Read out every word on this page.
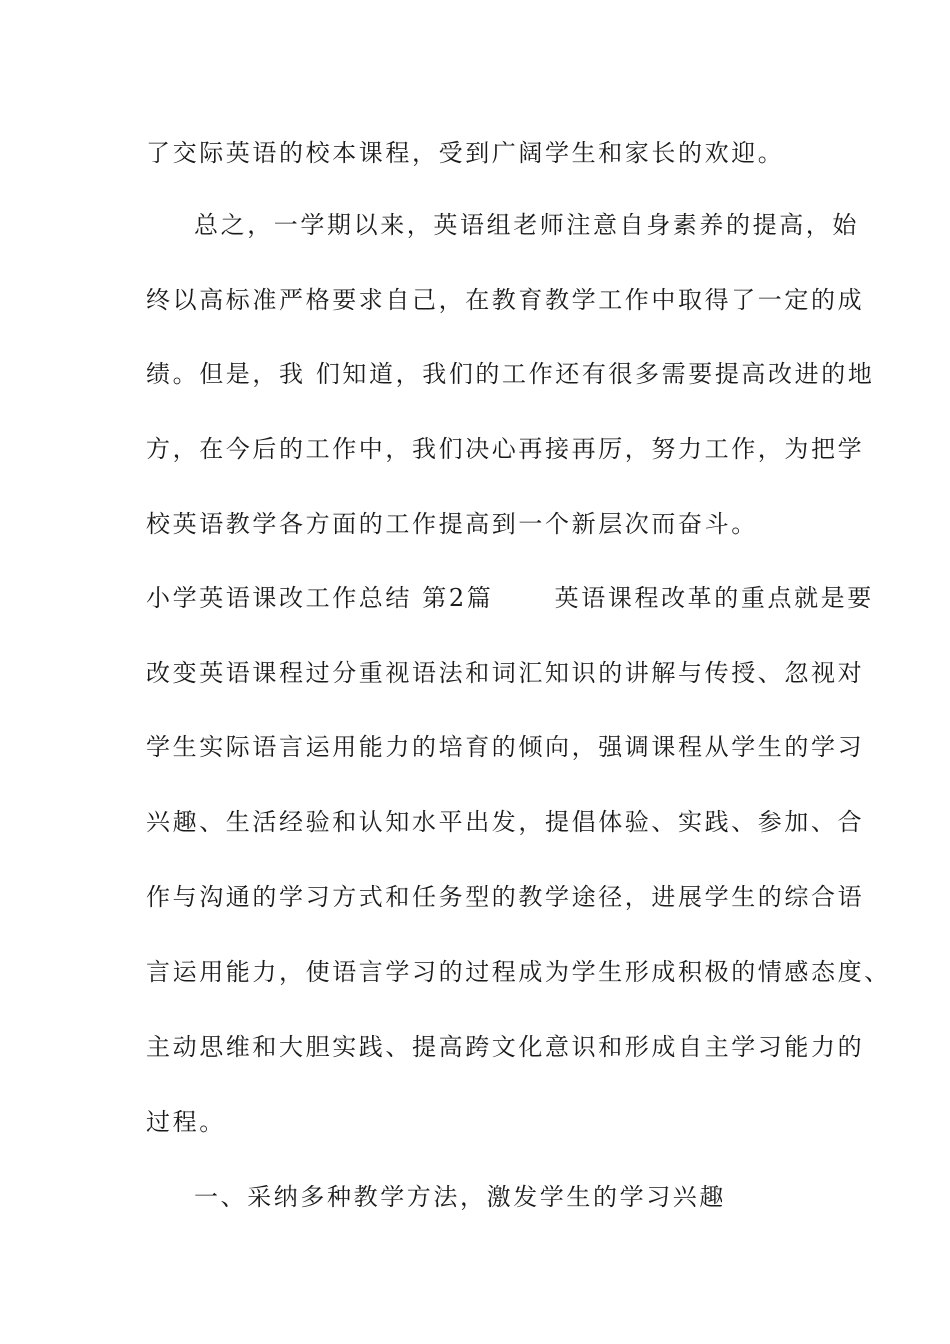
了交际英语的校本课程，受到广阔学生和家长的欢迎。
总之，一学期以来，英语组老师注意自身素养的提高，始
终以高标准严格要求自己，在教育教学工作中取得了一定的成
绩。但是，我 们知道，我们的工作还有很多需要提高改进的地
方，在今后的工作中，我们决心再接再厉，努力工作，为把学
校英语教学各方面的工作提高到一个新层次而奋斗。
小学英语课改工作总结 第2篇      英语课程改革的重点就是要
改变英语课程过分重视语法和词汇知识的讲解与传授、忽视对
学生实际语言运用能力的培育的倾向，强调课程从学生的学习
兴趣、生活经验和认知水平出发，提倡体验、实践、参加、合
作与沟通的学习方式和任务型的教学途径，进展学生的综合语
言运用能力，使语言学习的过程成为学生形成积极的情感态度、
主动思维和大胆实践、提高跨文化意识和形成自主学习能力的
过程。
一、采纳多种教学方法，激发学生的学习兴趣
